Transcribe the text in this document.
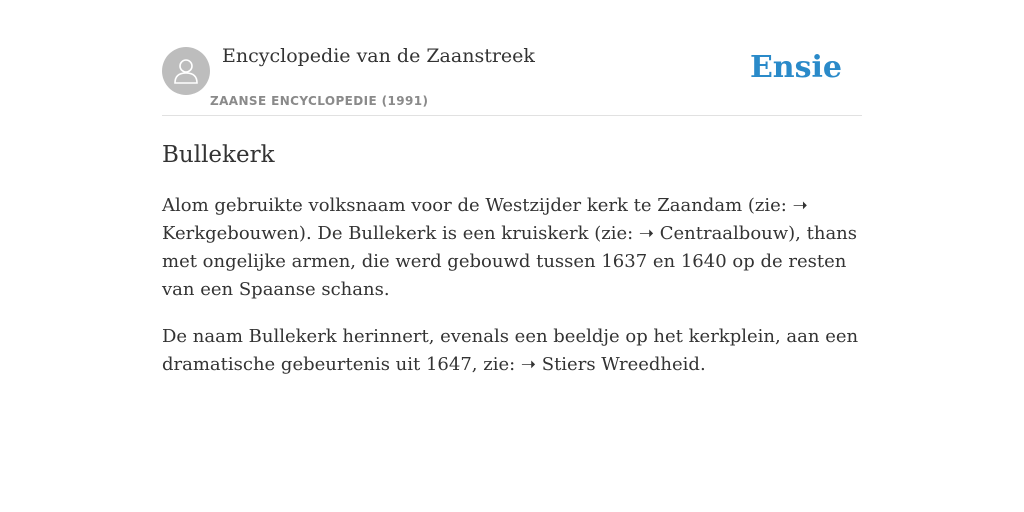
Encyclopedie van de Zaanstreek
ZAANSE ENCYCLOPEDIE (1991)
Ensie
Bullekerk

Alom gebruikte volksnaam voor de Westzijder kerk te Zaandam (zie: ➝ Kerkgebouwen). De Bullekerk is een kruiskerk (zie: ➝ Centraalbouw), thans met ongelijke armen, die werd gebouwd tussen 1637 en 1640 op de resten van een Spaanse schans.

De naam Bullekerk herinnert, evenals een beeldje op het kerkplein, aan een dramatische gebeurtenis uit 1647, zie: ➝ Stiers Wreedheid.
